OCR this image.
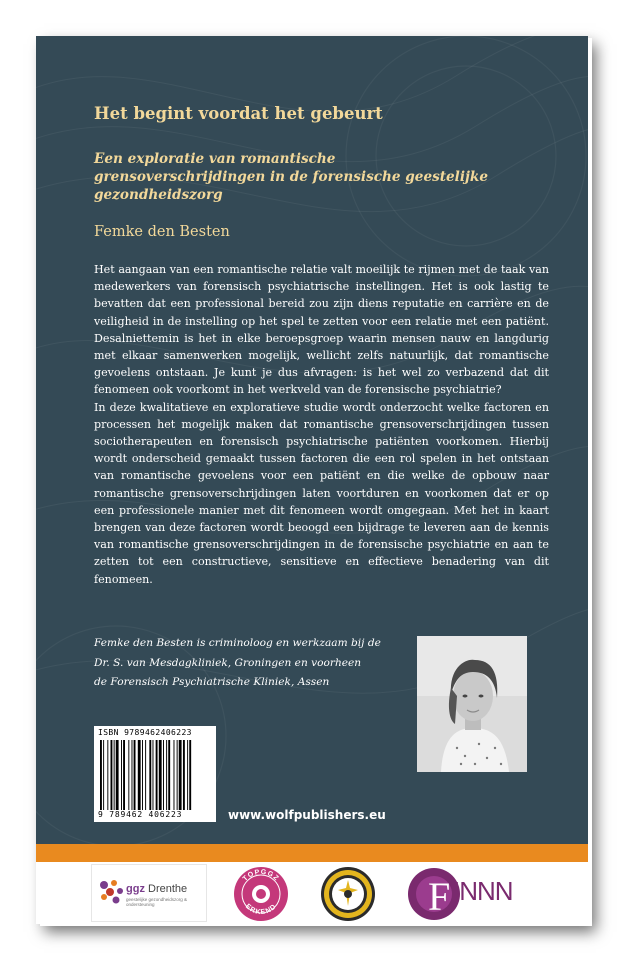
Het begint voordat het gebeurt
Een exploratie van romantische grensoverschrijdingen in de forensische geestelijke gezondheidszorg
Femke den Besten

Het aangaan van een romantische relatie valt moeilijk te rijmen met de taak van medewerkers van forensisch psychiatrische instellingen. Het is ook lastig te bevatten dat een professional bereid zou zijn diens reputatie en carrière en de veiligheid in de instelling op het spel te zetten voor een relatie met een patiënt. Desalniettemin is het in elke beroepsgroep waarin mensen nauw en langdurig met elkaar samenwerken mogelijk, wellicht zelfs natuurlijk, dat romantische gevoelens ontstaan. Je kunt je dus afvragen: is het wel zo verbazend dat dit fenomeen ook voorkomt in het werkveld van de forensische psychiatrie?

In deze kwalitatieve en exploratieve studie wordt onderzocht welke factoren en processen het mogelijk maken dat romantische grensoverschrijdingen tussen sociotherapeuten en forensisch psychiatrische patiënten voorkomen. Hierbij wordt onderscheid gemaakt tussen factoren die een rol spelen in het ontstaan van romantische gevoelens voor een patiënt en die welke de opbouw naar romantische grensoverschrijdingen laten voortduren en voorkomen dat er op een professionele manier met dit fenomeen wordt omgegaan. Met het in kaart brengen van deze factoren wordt beoogd een bijdrage te leveren aan de kennis van romantische grensoverschrijdingen in de forensische psychiatrie en aan te zetten tot een constructieve, sensitieve en effectieve benadering van dit fenomeen.

Femke den Besten is criminoloog en werkzaam bij de

Dr. S. van Mesdagkliniek, Groningen en voorheen

de Forensisch Psychiatrische Kliniek, Assen

ISBN 9789462406223
9 789462 406223	www.wolfpublishers.eu
ggz Drenthe
geestelijke gezondheidszorg & ondersteuning
TOPGGZ
ERKEND	F INNN
